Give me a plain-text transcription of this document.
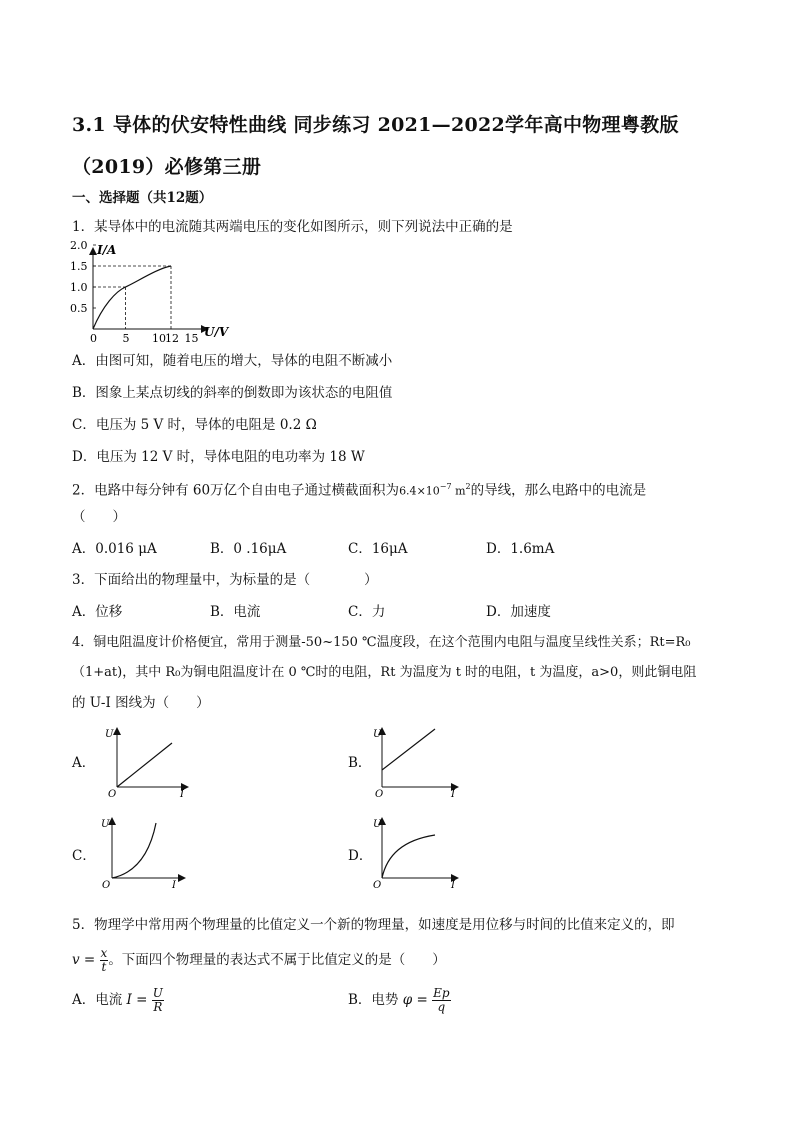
3.1 导体的伏安特性曲线 同步练习 2021—2022学年高中物理粤教版（2019）必修第三册
一、选择题（共12题）
1．某导体中的电流随其两端电压的变化如图所示，则下列说法中正确的是
2.0
1.5
1.0
0.5
0 5 10 12 15
I/A
U/V
A．由图可知，随着电压的增大，导体的电阻不断减小
B．图象上某点切线的斜率的倒数即为该状态的电阻值
C．电压为 5 V 时，导体的电阻是 0.2 Ω
D．电压为 12 V 时，导体电阻的电功率为 18 W
2．电路中每分钟有 60万亿个自由电子通过横截面积为$6.4\times 10^{-7}$ $m^2$的导线，那么电路中的电流是
（　　）
A．0.016 μA	B．0 .16μA	C．16μA	D．1.6mA
3．下面给出的物理量中，为标量的是（　　　　）
A．位移	B．电流	C．力	D．加速度
4．铜电阻温度计价格便宜，常用于测量-50~150 ℃温度段，在这个范围内电阻与温度呈线性关系；Rt=R₀
（1+at)，其中 R₀为铜电阻温度计在 0 ℃时的电阻，Rt 为温度为 t 时的电阻，t 为温度，a>0，则此铜电阻
的 U-I 图线为（　　）
A．	B．
C．	D．
U
O	I
U
O	I
U
O	I
U
O	I
5．物理学中常用两个物理量的比值定义一个新的物理量，如速度是用位移与时间的比值来定义的，即
$v = \frac{x}{t}$ 。下面四个物理量的表达式不属于比值定义的是（　　）
A．电流 $I = \frac{U}{R}$	B．电势 $\varphi = \frac{Ep}{q}$
